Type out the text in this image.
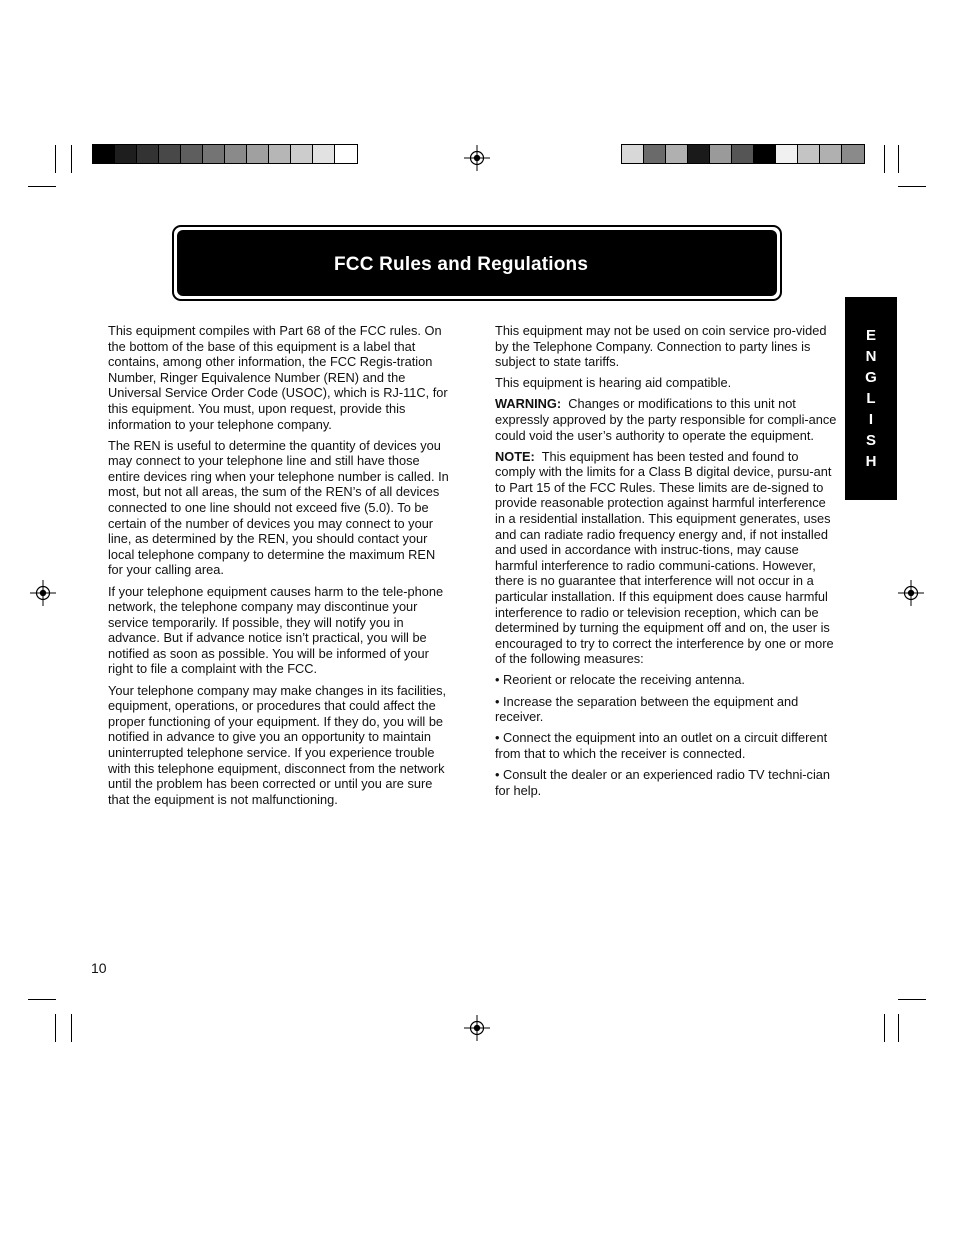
FCC Rules and Regulations
E
N
G
L
I
S
H

This equipment compiles with Part 68 of the FCC rules. On the bottom of the base of this equipment is a label that contains, among other information, the FCC Regis-tration Number, Ringer Equivalence Number (REN) and the Universal Service Order Code (USOC), which is RJ-11C, for this equipment. You must, upon request, provide this information to your telephone company.

The REN is useful to determine the quantity of devices you may connect to your telephone line and still have those entire devices ring when your telephone number is called. In most, but not all areas, the sum of the REN’s of all devices connected to one line should not exceed five (5.0). To be certain of the number of devices you may connect to your line, as determined by the REN, you should contact your local telephone company to determine the maximum REN for your calling area.

If your telephone equipment causes harm to the tele-phone network, the telephone company may discontinue your service temporarily. If possible, they will notify you in advance. But if advance notice isn’t practical, you will be notified as soon as possible. You will be informed of your right to file a complaint with the FCC.

Your telephone company may make changes in its facilities, equipment, operations, or procedures that could affect the proper functioning of your equipment. If they do, you will be notified in advance to give you an opportunity to maintain uninterrupted telephone service. If you experience trouble with this telephone equipment, disconnect from the network until the problem has been corrected or until you are sure that the equipment is not malfunctioning.

This equipment may not be used on coin service pro-vided by the Telephone Company. Connection to party lines is subject to state tariffs.

This equipment is hearing aid compatible.

WARNING: Changes or modifications to this unit not expressly approved by the party responsible for compli-ance could void the user’s authority to operate the equipment.

NOTE: This equipment has been tested and found to comply with the limits for a Class B digital device, pursu-ant to Part 15 of the FCC Rules. These limits are de-signed to provide reasonable protection against harmful interference in a residential installation. This equipment generates, uses and can radiate radio frequency energy and, if not installed and used in accordance with instruc-tions, may cause harmful interference to radio communi-cations. However, there is no guarantee that interference will not occur in a particular installation. If this equipment does cause harmful interference to radio or television reception, which can be determined by turning the equipment off and on, the user is encouraged to try to correct the interference by one or more of the following measures:

• Reorient or relocate the receiving antenna.

• Increase the separation between the equipment and receiver.

• Connect the equipment into an outlet on a circuit different from that to which the receiver is connected.

• Consult the dealer or an experienced radio TV techni-cian for help.

10
